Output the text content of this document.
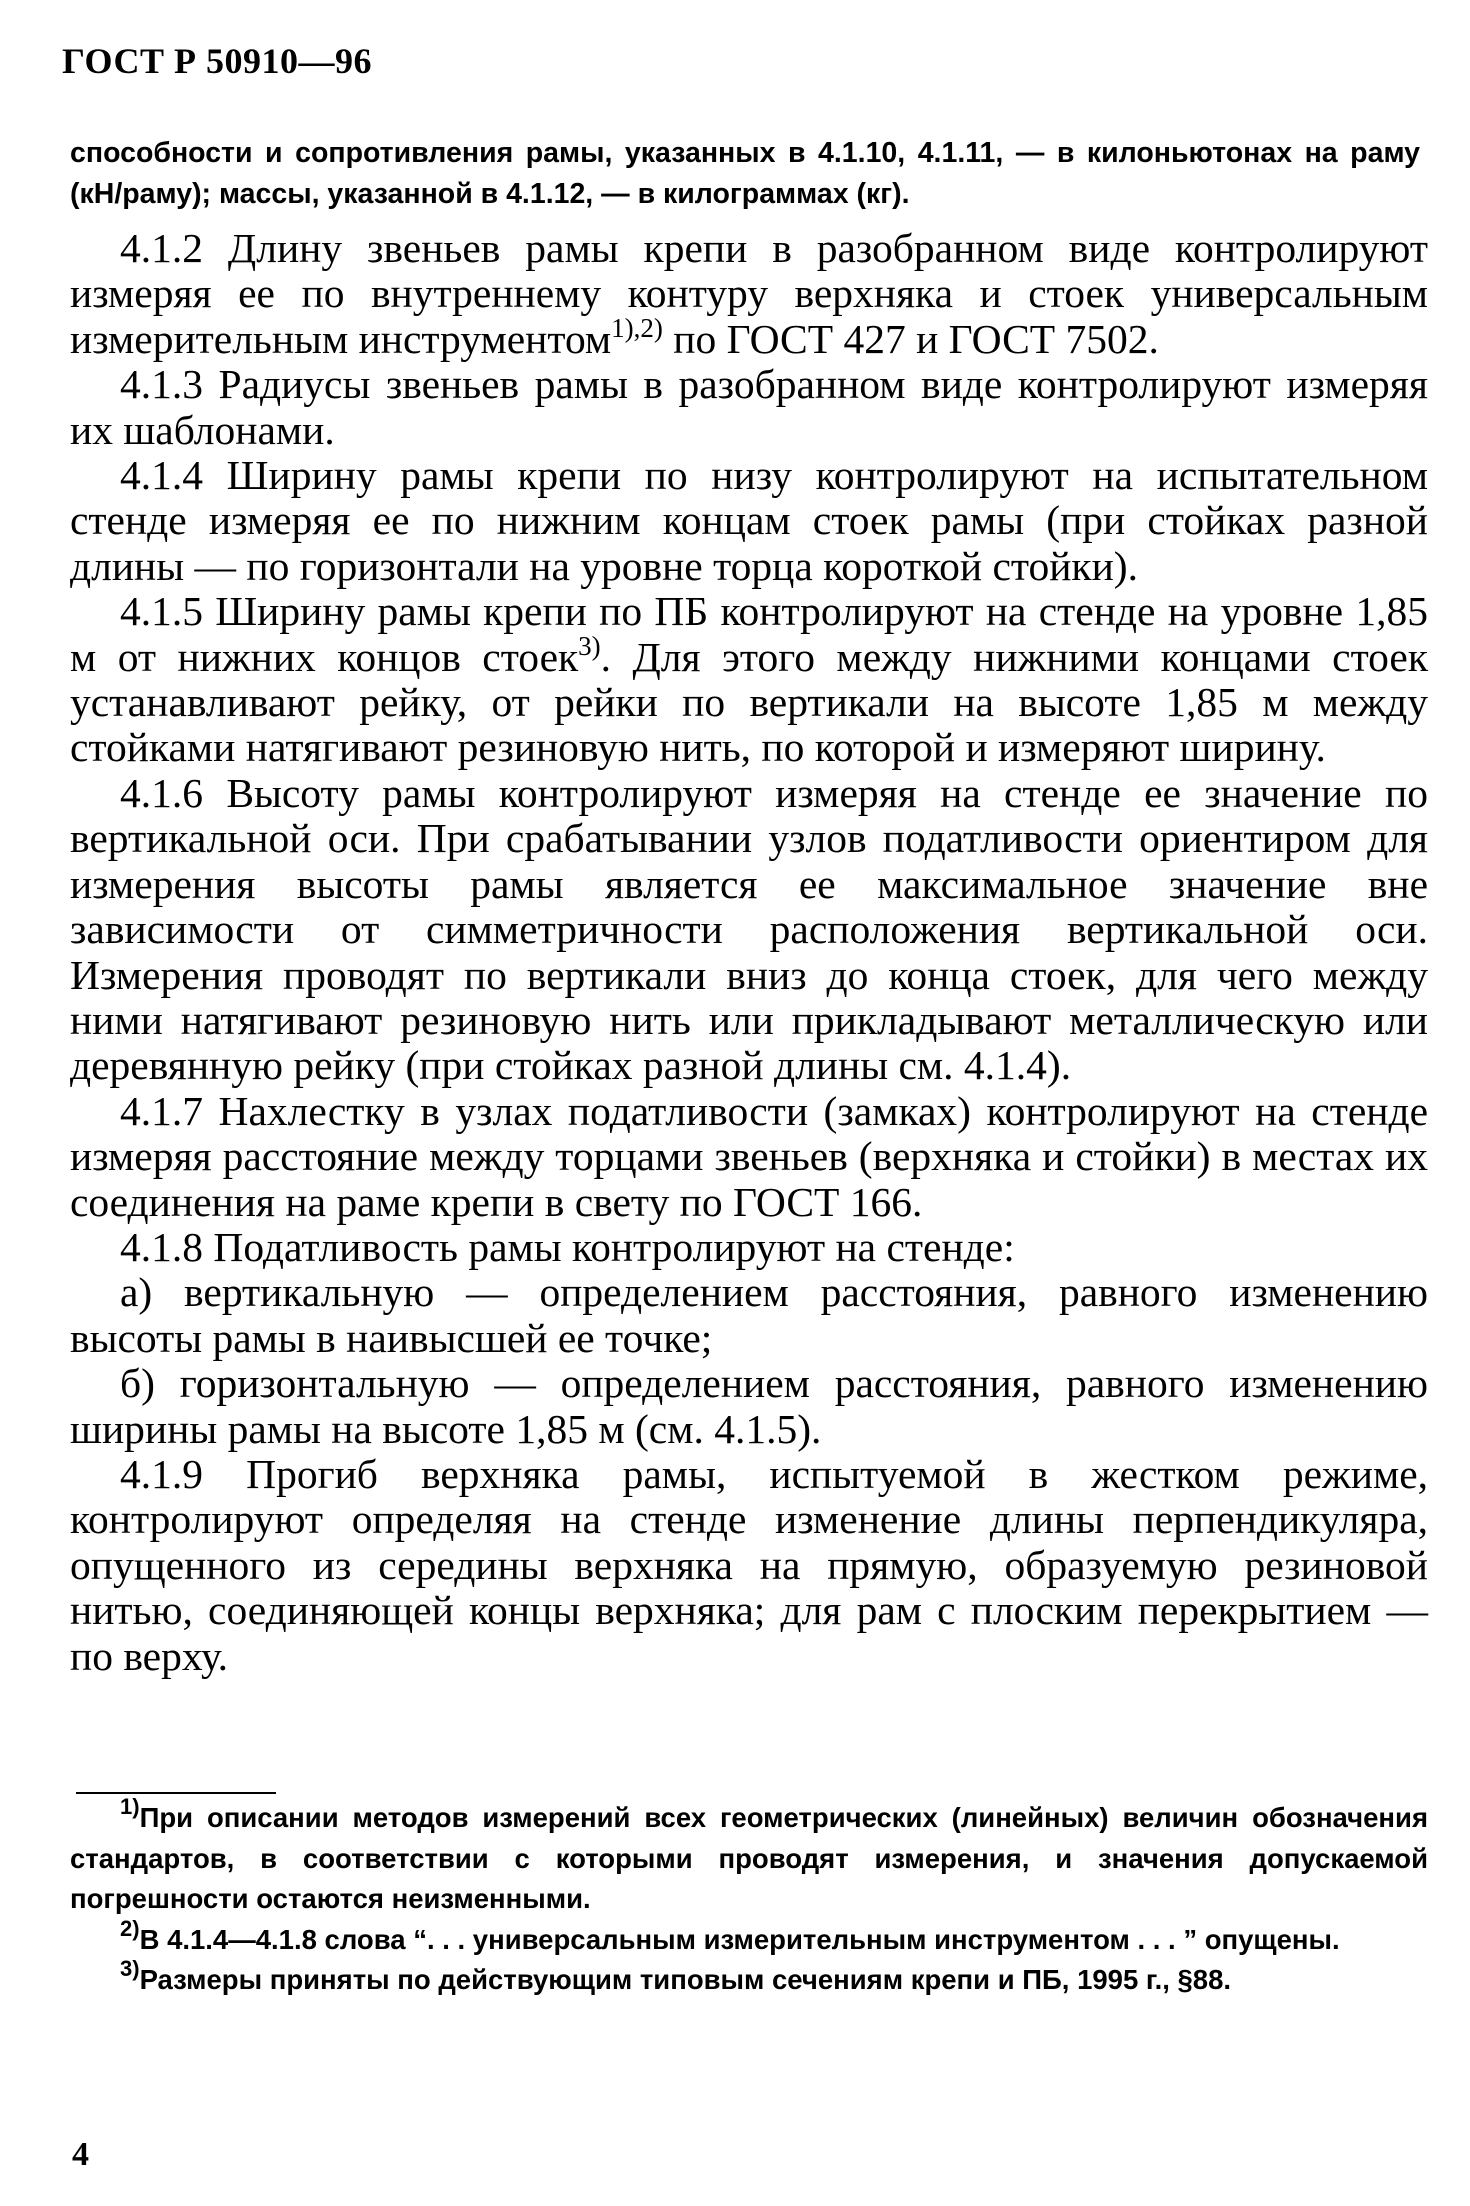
ГОСТ Р 50910—96
способности и сопротивления рамы, указанных в 4.1.10, 4.1.11, — в килоньютонах на раму (кН/раму); массы, указанной в 4.1.12, — в килограммах (кг).

4.1.2 Длину звеньев рамы крепи в разобранном виде контролируют измеряя ее по внутреннему контуру верхняка и стоек универсальным измерительным инструментом$^{1),2)}$ по ГОСТ 427 и ГОСТ 7502.

4.1.3 Радиусы звеньев рамы в разобранном виде контролируют измеряя их шаблонами.

4.1.4 Ширину рамы крепи по низу контролируют на испытательном стенде измеряя ее по нижним концам стоек рамы (при стойках разной длины — по горизонтали на уровне торца короткой стойки).

4.1.5 Ширину рамы крепи по ПБ контролируют на стенде на уровне 1,85 м от нижних концов стоек$^{3)}$. Для этого между нижними концами стоек устанавливают рейку, от рейки по вертикали на высоте 1,85 м между стойками натягивают резиновую нить, по которой и измеряют ширину.

4.1.6 Высоту рамы контролируют измеряя на стенде ее значение по вертикальной оси. При срабатывании узлов податливости ориентиром для измерения высоты рамы является ее максимальное значение вне зависимости от симметричности расположения вертикальной оси. Измерения проводят по вертикали вниз до конца стоек, для чего между ними натягивают резиновую нить или прикладывают металлическую или деревянную рейку (при стойках разной длины см. 4.1.4).

4.1.7 Нахлестку в узлах податливости (замках) контролируют на стенде измеряя расстояние между торцами звеньев (верхняка и стойки) в местах их соединения на раме крепи в свету по ГОСТ 166.

4.1.8 Податливость рамы контролируют на стенде:

а) вертикальную — определением расстояния, равного изменению высоты рамы в наивысшей ее точке;

б) горизонтальную — определением расстояния, равного изменению ширины рамы на высоте 1,85 м (см. 4.1.5).

4.1.9 Прогиб верхняка рамы, испытуемой в жестком режиме, контролируют определяя на стенде изменение длины перпендикуляра, опущенного из середины верхняка на прямую, образуемую резиновой нитью, соединяющей концы верхняка; для рам с плоским перекрытием — по верху.

$^{1)}$При описании методов измерений всех геометрических (линейных) величин обозначения стандартов, в соответствии с которыми проводят измерения, и значения допускаемой погрешности остаются неизменными.

$^{2)}$В 4.1.4—4.1.8 слова “. . . универсальным измерительным инструментом . . . ” опущены.

$^{3)}$Размеры приняты по действующим типовым сечениям крепи и ПБ, 1995 г., §88.

4
